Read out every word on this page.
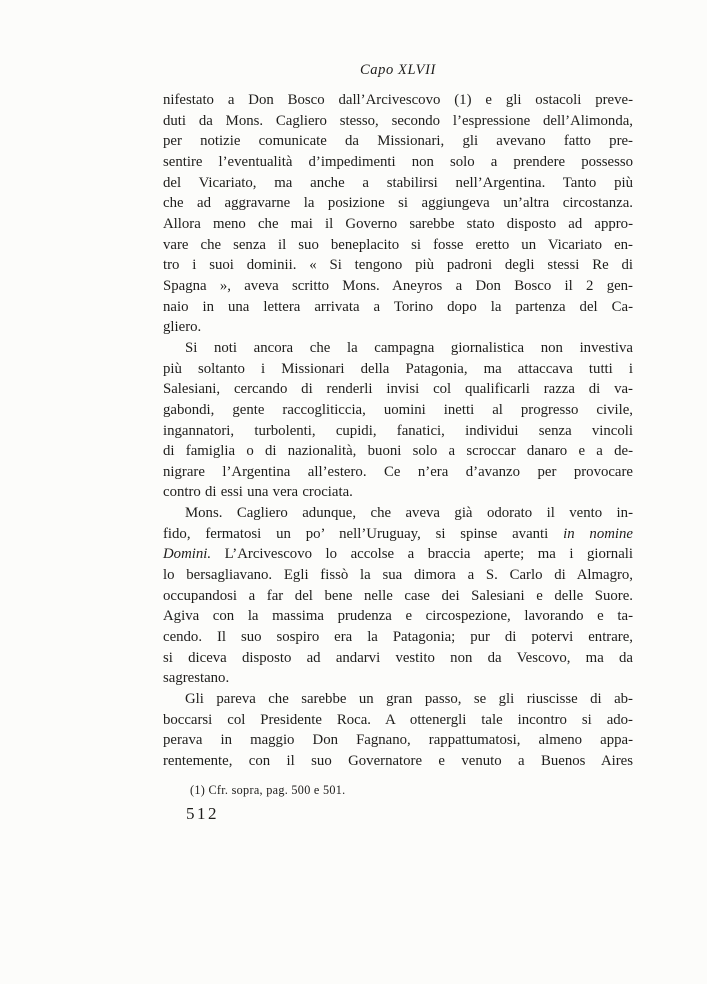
Capo XLVII
nifestato a Don Bosco dall’Arcivescovo (1) e gli ostacoli preve-
duti da Mons. Cagliero stesso, secondo l’espressione dell’Alimonda,
per notizie comunicate da Missionari, gli avevano fatto pre-
sentire l’eventualità d’impedimenti non solo a prendere possesso
del Vicariato, ma anche a stabilirsi nell’Argentina. Tanto più
che ad aggravarne la posizione si aggiungeva un’altra circostanza.
Allora meno che mai il Governo sarebbe stato disposto ad appro-
vare che senza il suo beneplacito si fosse eretto un Vicariato en-
tro i suoi dominii. « Si tengono più padroni degli stessi Re di
Spagna », aveva scritto Mons. Aneyros a Don Bosco il 2 gen-
naio in una lettera arrivata a Torino dopo la partenza del Ca-
gliero.
Si noti ancora che la campagna giornalistica non investiva
più soltanto i Missionari della Patagonia, ma attaccava tutti i
Salesiani, cercando di renderli invisi col qualificarli razza di va-
gabondi, gente raccogliticcia, uomini inetti al progresso civile,
ingannatori, turbolenti, cupidi, fanatici, individui senza vincoli
di famiglia o di nazionalità, buoni solo a scroccar danaro e a de-
nigrare l’Argentina all’estero. Ce n’era d’avanzo per provocare
contro di essi una vera crociata.
Mons. Cagliero adunque, che aveva già odorato il vento in-
fido, fermatosi un po’ nell’Uruguay, si spinse avanti in nomine
Domini. L’Arcivescovo lo accolse a braccia aperte; ma i giornali
lo bersagliavano. Egli fissò la sua dimora a S. Carlo di Almagro,
occupandosi a far del bene nelle case dei Salesiani e delle Suore.
Agiva con la massima prudenza e circospezione, lavorando e ta-
cendo. Il suo sospiro era la Patagonia; pur di potervi entrare,
si diceva disposto ad andarvi vestito non da Vescovo, ma da
sagrestano.
Gli pareva che sarebbe un gran passo, se gli riuscisse di ab-
boccarsi col Presidente Roca. A ottenergli tale incontro si ado-
perava in maggio Don Fagnano, rappattumatosi, almeno appa-
rentemente, con il suo Governatore e venuto a Buenos Aires
(1) Cfr. sopra, pag. 500 e 501.
512
